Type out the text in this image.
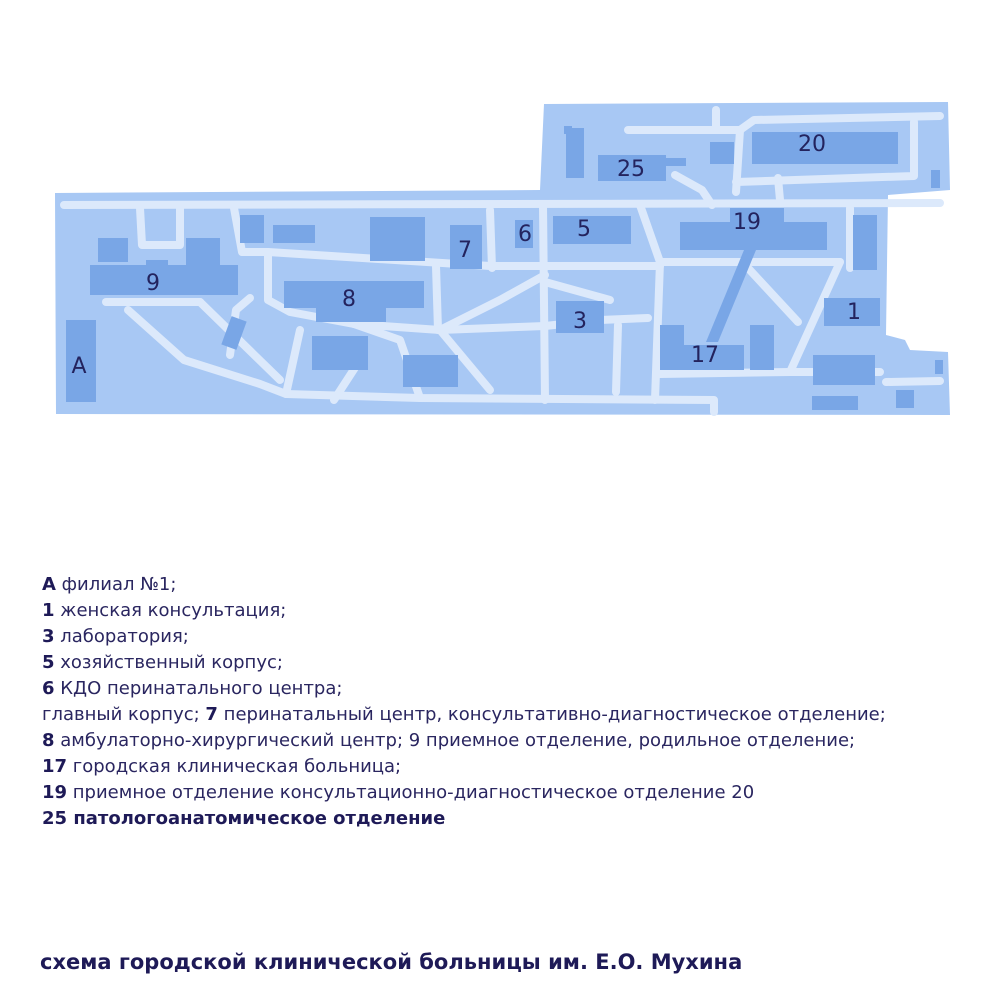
25
20
19
6 5
7
9
8
3	1
17
A
A филиал №1;
1 женская консультация;
3 лаборатория;
5 хозяйственный корпус;
6 КДО перинатального центра;
главный корпус; 7 перинатальный центр, консультативно-диагностическое отделение;
8 амбулаторно-хирургический центр; 9 приемное отделение, родильное отделение;
17 городская клиническая больница;
19 приемное отделение консультационно-диагностическое отделение 20
25 патологоанатомическое отделение
схема городской клинической больницы им. Е.О. Мухина
